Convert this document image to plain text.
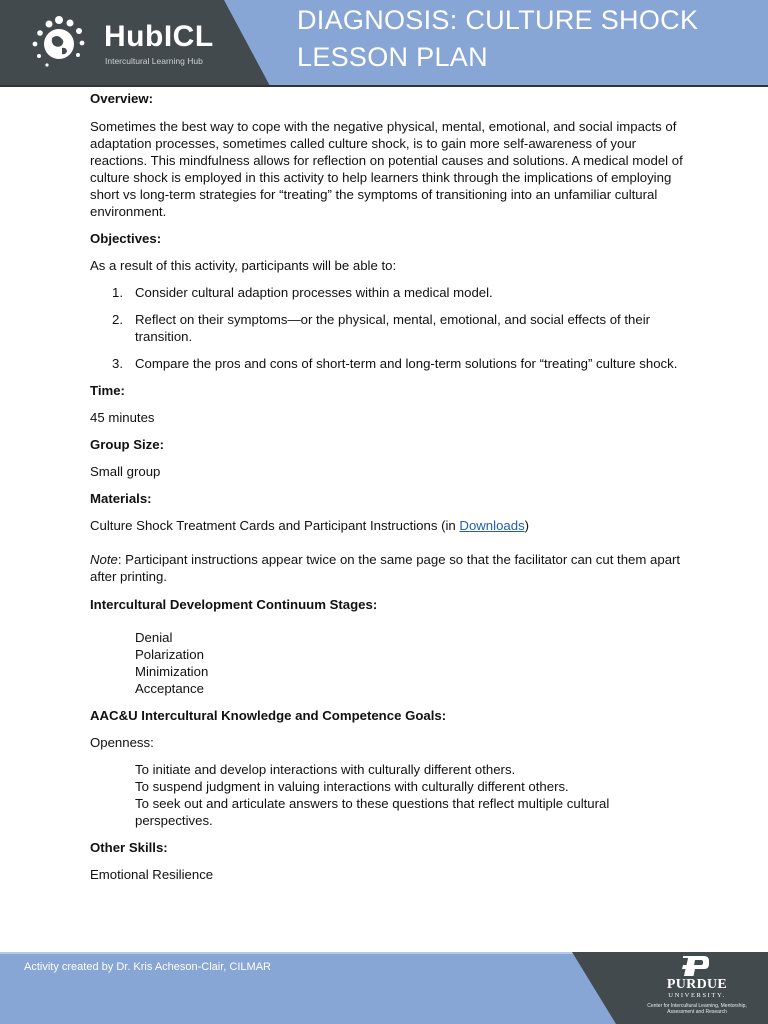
HubICL
Intercultural Learning Hub
DIAGNOSIS: CULTURE SHOCK
LESSON PLAN

Overview:

Sometimes the best way to cope with the negative physical, mental, emotional, and social impacts of adaptation processes, sometimes called culture shock, is to gain more self-awareness of your reactions. This mindfulness allows for reflection on potential causes and solutions. A medical model of culture shock is employed in this activity to help learners think through the implications of employing short vs long-term strategies for “treating” the symptoms of transitioning into an unfamiliar cultural environment.

Objectives:

As a result of this activity, participants will be able to:

1. Consider cultural adaption processes within a medical model.
2. Reflect on their symptoms—or the physical, mental, emotional, and social effects of their transition.
3. Compare the pros and cons of short-term and long-term solutions for “treating” culture shock.

Time:

45 minutes

Group Size:

Small group

Materials:

Culture Shock Treatment Cards and Participant Instructions (in Downloads)

Note: Participant instructions appear twice on the same page so that the facilitator can cut them apart after printing.

Intercultural Development Continuum Stages:

Denial
Polarization
Minimization
Acceptance

AAC&U Intercultural Knowledge and Competence Goals:

Openness:

To initiate and develop interactions with culturally different others.
To suspend judgment in valuing interactions with culturally different others.
To seek out and articulate answers to these questions that reflect multiple cultural perspectives.

Other Skills:

Emotional Resilience

Activity created by Dr. Kris Acheson-Clair, CILMAR
PURDUE
UNIVERSITY.
Center for Intercultural Learning, Mentorship, Assessment and Research
